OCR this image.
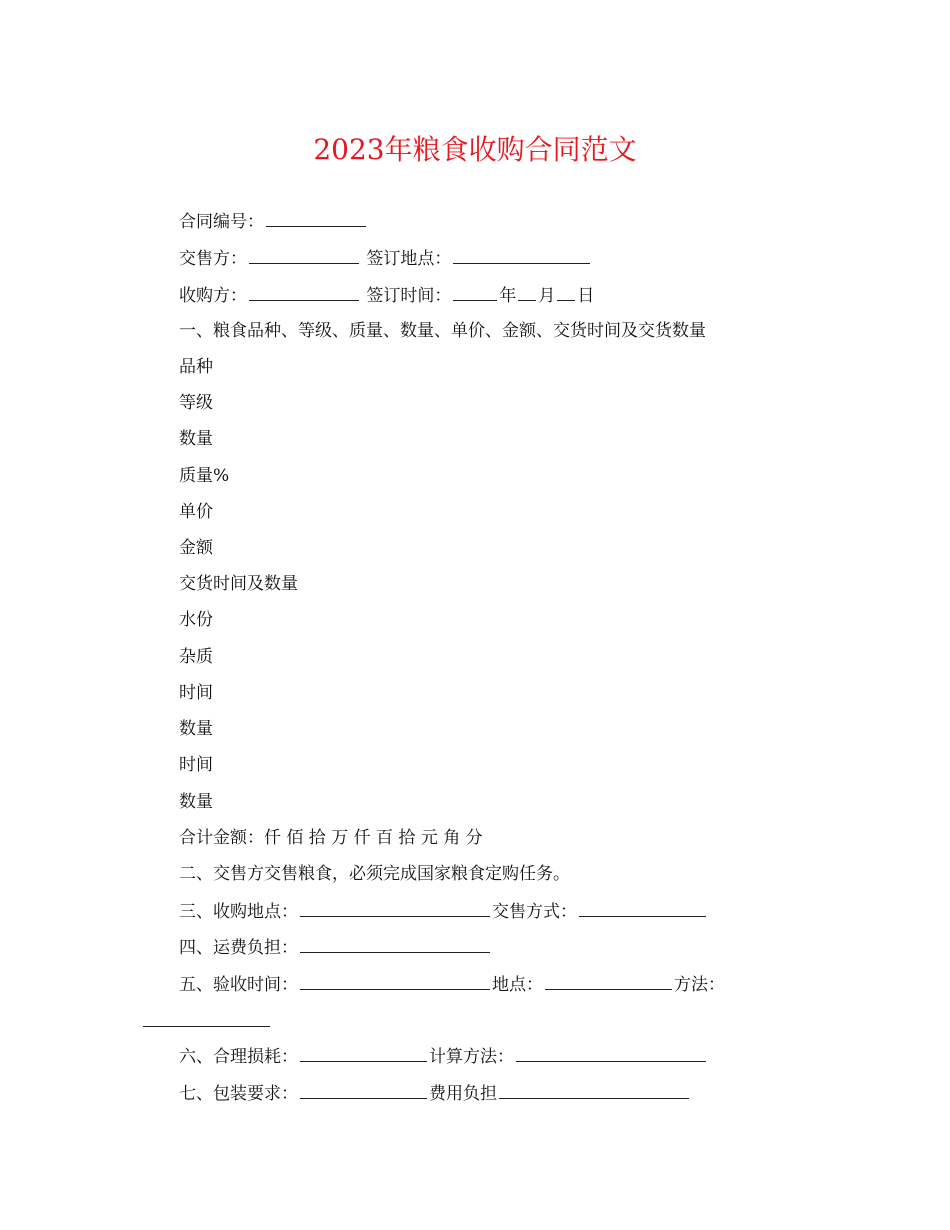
2023年粮食收购合同范文
合同编号：
交售方：	签订地点：
收购方：	签订时间：	年 月 日
一、粮食品种、等级、质量、数量、单价、金额、交货时间及交货数量
品种
等级
数量
质量%
单价
金额
交货时间及数量
水份
杂质
时间
数量
时间
数量
合计金额：仟 佰 拾 万 仟 百 拾 元 角 分
二、交售方交售粮食，必须完成国家粮食定购任务。
三、收购地点：	交售方式：
四、运费负担：
五、验收时间：	地点：	方法：
六、合理损耗：	计算方法：
七、包装要求：	费用负担
